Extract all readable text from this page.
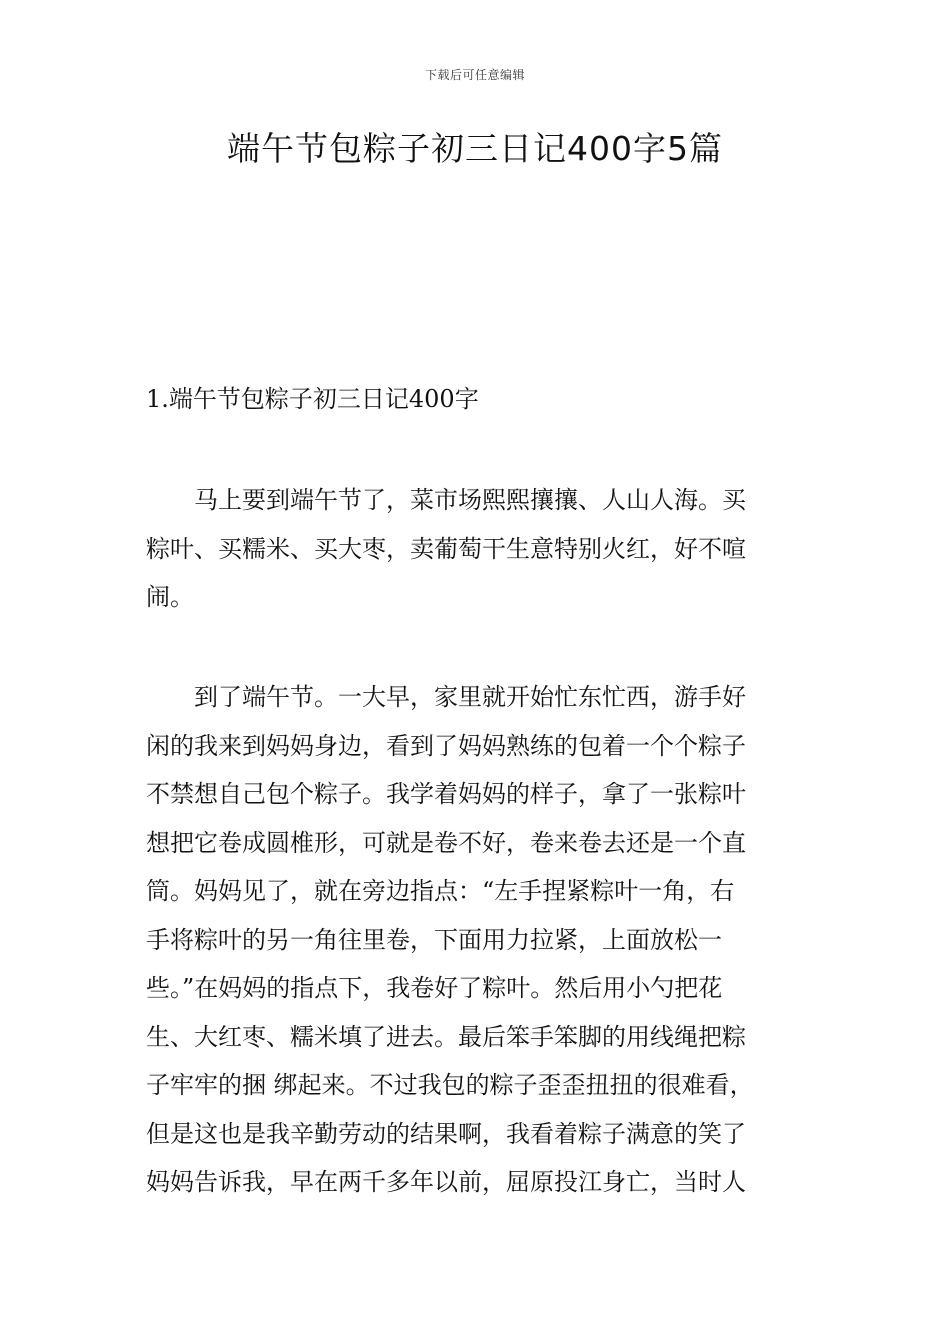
下载后可任意编辑
端午节包粽子初三日记400字5篇
1.端午节包粽子初三日记400字

　　马上要到端午节了，菜市场熙熙攘攘、人山人海。买
粽叶、买糯米、买大枣，卖葡萄干生意特别火红，好不喧
闹。

　　到了端午节。一大早，家里就开始忙东忙西，游手好
闲的我来到妈妈身边，看到了妈妈熟练的包着一个个粽子
不禁想自己包个粽子。我学着妈妈的样子，拿了一张粽叶
想把它卷成圆椎形，可就是卷不好，卷来卷去还是一个直
筒。妈妈见了，就在旁边指点：“左手捏紧粽叶一角，右
手将粽叶的另一角往里卷，下面用力拉紧，上面放松一
些。”在妈妈的指点下，我卷好了粽叶。然后用小勺把花
生、大红枣、糯米填了进去。最后笨手笨脚的用线绳把粽
子牢牢的捆 绑起来。不过我包的粽子歪歪扭扭的很难看，
但是这也是我辛勤劳动的结果啊，我看着粽子满意的笑了
妈妈告诉我，早在两千多年以前，屈原投江身亡，当时人
